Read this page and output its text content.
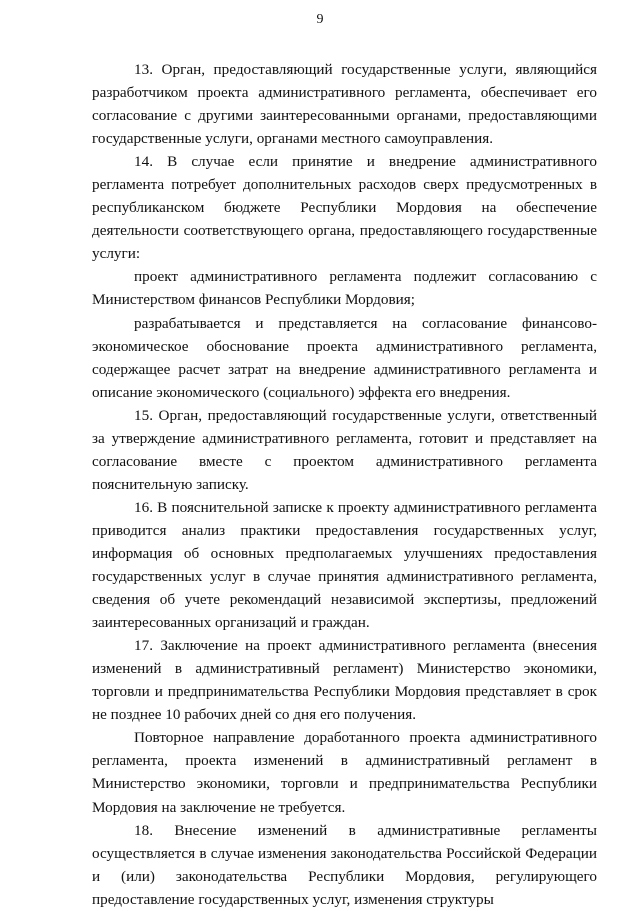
9

13. Орган, предоставляющий государственные услуги, являющийся разработчиком проекта административного регламента, обеспечивает его согласование с другими заинтересованными органами, предоставляющими государственные услуги, органами местного самоуправления.

14. В случае если принятие и внедрение административного регламента потребует дополнительных расходов сверх предусмотренных в республиканском бюджете Республики Мордовия на обеспечение деятельности соответствующего органа, предоставляющего государственные услуги:

проект административного регламента подлежит согласованию с Министерством финансов Республики Мордовия;

разрабатывается и представляется на согласование финансово-экономическое обоснование проекта административного регламента, содержащее расчет затрат на внедрение административного регламента и описание экономического (социального) эффекта его внедрения.

15. Орган, предоставляющий государственные услуги, ответственный за утверждение административного регламента, готовит и представляет на согласование вместе с проектом административного регламента пояснительную записку.

16. В пояснительной записке к проекту административного регламента приводится анализ практики предоставления государственных услуг, информация об основных предполагаемых улучшениях предоставления государственных услуг в случае принятия административного регламента, сведения об учете рекомендаций независимой экспертизы, предложений заинтересованных организаций и граждан.

17. Заключение на проект административного регламента (внесения изменений в административный регламент) Министерство экономики, торговли и предпринимательства Республики Мордовия представляет в срок не позднее 10 рабочих дней со дня его получения.

Повторное направление доработанного проекта административного регламента, проекта изменений в административный регламент в Министерство экономики, торговли и предпринимательства Республики Мордовия на заключение не требуется.

18. Внесение изменений в административные регламенты осуществляется в случае изменения законодательства Российской Федерации и (или) законодательства Республики Мордовия, регулирующего предоставление государственных услуг, изменения структуры
